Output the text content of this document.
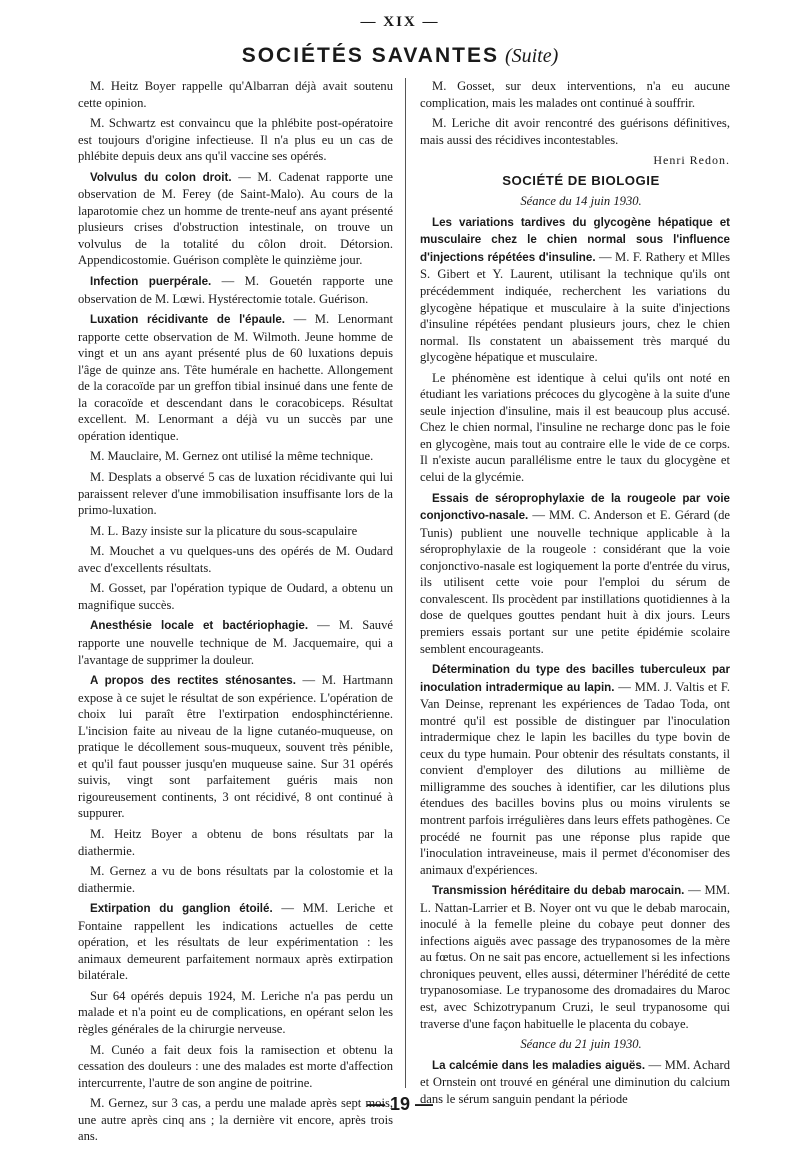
— XIX —
SOCIÉTÉS SAVANTES (Suite)

M. Heitz Boyer rappelle qu'Albarran déjà avait soutenu cette opinion.

M. Schwartz est convaincu que la phlébite post-opératoire est toujours d'origine infectieuse. Il n'a plus eu un cas de phlébite depuis deux ans qu'il vaccine ses opérés.

Volvulus du colon droit. — M. Cadenat rapporte une observation de M. Ferey (de Saint-Malo). Au cours de la laparotomie chez un homme de trente-neuf ans ayant présenté plusieurs crises d'obstruction intestinale, on trouve un volvulus de la totalité du côlon droit. Détorsion. Appendicostomie. Guérison complète le quinzième jour.

Infection puerpérale. — M. Gouetén rapporte une observation de M. Lœwi. Hystérectomie totale. Guérison.

Luxation récidivante de l'épaule. — M. Lenormant rapporte cette observation de M. Wilmoth. Jeune homme de vingt et un ans ayant présenté plus de 60 luxations depuis l'âge de quinze ans. Tête humérale en hachette. Allongement de la coracoïde par un greffon tibial insinué dans une fente de la coracoïde et descendant dans le coracobiceps. Résultat excellent. M. Lenormant a déjà vu un succès par une opération identique.

M. Mauclaire, M. Gernez ont utilisé la même technique.

M. Desplats a observé 5 cas de luxation récidivante qui lui paraissent relever d'une immobilisation insuffisante lors de la primo-luxation.

M. L. Bazy insiste sur la plicature du sous-scapulaire

M. Mouchet a vu quelques-uns des opérés de M. Oudard avec d'excellents résultats.

M. Gosset, par l'opération typique de Oudard, a obtenu un magnifique succès.

Anesthésie locale et bactériophagie. — M. Sauvé rapporte une nouvelle technique de M. Jacquemaire, qui a l'avantage de supprimer la douleur.

A propos des rectites sténosantes. — M. Hartmann expose à ce sujet le résultat de son expérience. L'opération de choix lui paraît être l'extirpation endosphinctérienne. L'incision faite au niveau de la ligne cutanéo-muqueuse, on pratique le décollement sous-muqueux, souvent très pénible, et qu'il faut pousser jusqu'en muqueuse saine. Sur 31 opérés suivis, vingt sont parfaitement guéris mais non rigoureusement continents, 3 ont récidivé, 8 ont continué à suppurer.

M. Heitz Boyer a obtenu de bons résultats par la diathermie.

M. Gernez a vu de bons résultats par la colostomie et la diathermie.

Extirpation du ganglion étoilé. — MM. Leriche et Fontaine rappellent les indications actuelles de cette opération, et les résultats de leur expérimentation : les animaux demeurent parfaitement normaux après extirpation bilatérale.

Sur 64 opérés depuis 1924, M. Leriche n'a pas perdu un malade et n'a point eu de complications, en opérant selon les règles générales de la chirurgie nerveuse.

M. Cunéo a fait deux fois la ramisection et obtenu la cessation des douleurs : une des malades est morte d'affection intercurrente, l'autre de son angine de poitrine.

M. Gernez, sur 3 cas, a perdu une malade après sept mois, une autre après cinq ans ; la dernière vit encore, après trois ans.

M. Gosset, sur deux interventions, n'a eu aucune complication, mais les malades ont continué à souffrir.

M. Leriche dit avoir rencontré des guérisons définitives, mais aussi des récidives incontestables.

Henri Redon.

SOCIÉTÉ DE BIOLOGIE

Séance du 14 juin 1930.

Les variations tardives du glycogène hépatique et musculaire chez le chien normal sous l'influence d'injections répétées d'insuline. — M. F. Rathery et Mlles S. Gibert et Y. Laurent, utilisant la technique qu'ils ont précédemment indiquée, recherchent les variations du glycogène hépatique et musculaire à la suite d'injections d'insuline répétées pendant plusieurs jours, chez le chien normal. Ils constatent un abaissement très marqué du glycogène hépatique et musculaire.

Le phénomène est identique à celui qu'ils ont noté en étudiant les variations précoces du glycogène à la suite d'une seule injection d'insuline, mais il est beaucoup plus accusé. Chez le chien normal, l'insuline ne recharge donc pas le foie en glycogène, mais tout au contraire elle le vide de ce corps. Il n'existe aucun parallélisme entre le taux du glocygène et celui de la glycémie.

Essais de séroprophylaxie de la rougeole par voie conjonctivo-nasale. — MM. C. Anderson et E. Gérard (de Tunis) publient une nouvelle technique applicable à la séroprophylaxie de la rougeole : considérant que la voie conjonctivo-nasale est logiquement la porte d'entrée du virus, ils utilisent cette voie pour l'emploi du sérum de convalescent. Ils procèdent par instillations quotidiennes à la dose de quelques gouttes pendant huit à dix jours. Leurs premiers essais portant sur une petite épidémie scolaire semblent encourageants.

Détermination du type des bacilles tuberculeux par inoculation intradermique au lapin. — MM. J. Valtis et F. Van Deinse, reprenant les expériences de Tadao Toda, ont montré qu'il est possible de distinguer par l'inoculation intradermique chez le lapin les bacilles du type bovin de ceux du type humain. Pour obtenir des résultats constants, il convient d'employer des dilutions au millième de milligramme des souches à identifier, car les dilutions plus étendues des bacilles bovins plus ou moins virulents se montrent parfois irrégulières dans leurs effets pathogènes. Ce procédé ne fournit pas une réponse plus rapide que l'inoculation intraveineuse, mais il permet d'économiser des animaux d'expériences.

Transmission héréditaire du debab marocain. — MM. L. Nattan-Larrier et B. Noyer ont vu que le debab marocain, inoculé à la femelle pleine du cobaye peut donner des infections aiguës avec passage des trypanosomes de la mère au fœtus. On ne sait pas encore, actuellement si les infections chroniques peuvent, elles aussi, déterminer l'hérédité de cette trypanosomiase. Le trypanosome des dromadaires du Maroc est, avec Schizotrypanum Cruzi, le seul trypanosome qui traverse d'une façon habituelle le placenta du cobaye.

Séance du 21 juin 1930.

La calcémie dans les maladies aiguës. — MM. Achard et Ornstein ont trouvé en général une diminution du calcium dans le sérum sanguin pendant la période

— 19 —
